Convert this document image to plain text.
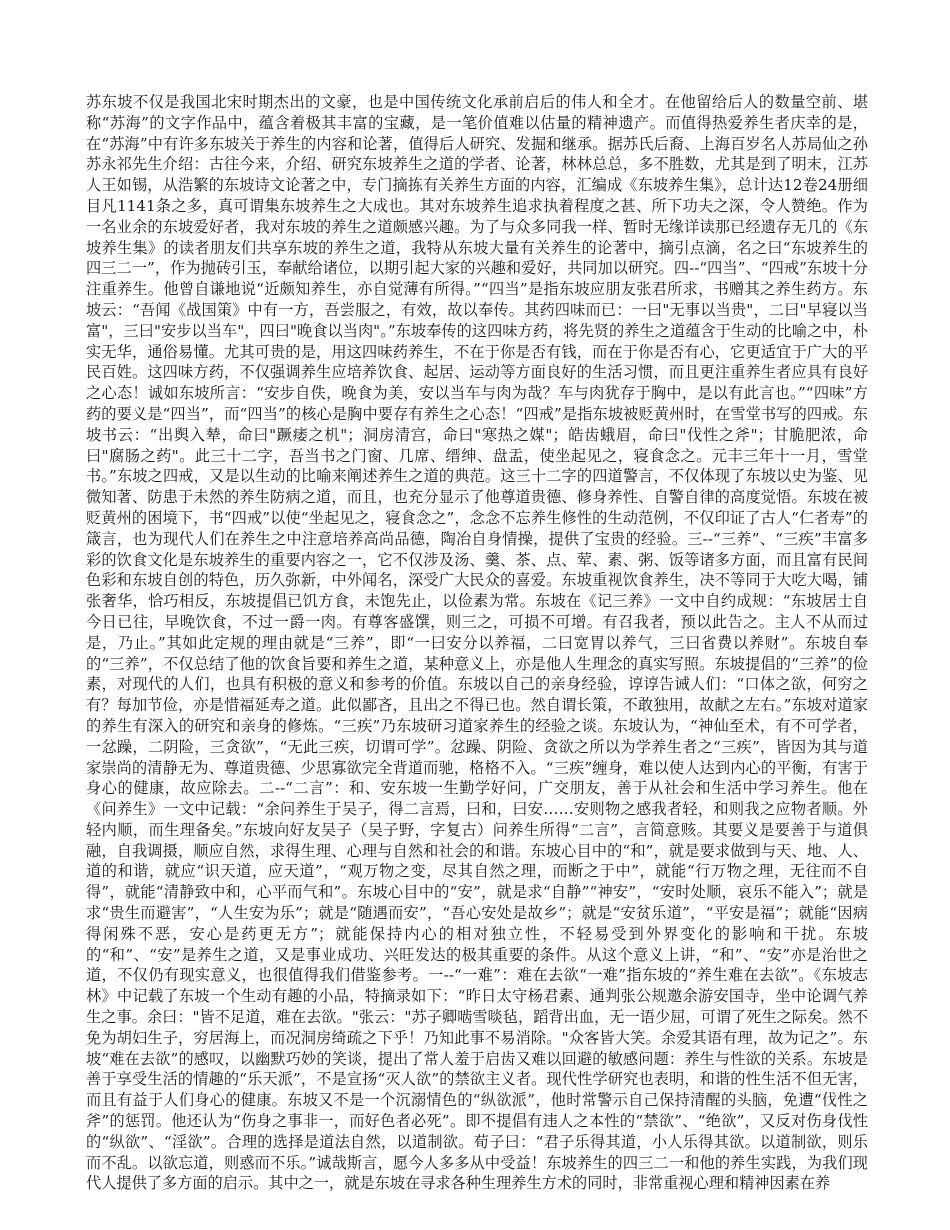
苏东坡不仅是我国北宋时期杰出的文豪，也是中国传统文化承前启后的伟人和全才。在他留给后人的数量空前、堪称“苏海”的文字作品中，蕴含着极其丰富的宝藏，是一笔价值难以估量的精神遗产。而值得热爱养生者庆幸的是，在“苏海”中有许多东坡关于养生的内容和论著，值得后人研究、发掘和继承。据苏氏后裔、上海百岁名人苏局仙之孙苏永祁先生介绍：古往今来，介绍、研究东坡养生之道的学者、论著，林林总总，多不胜数，尤其是到了明末，江苏人王如锡，从浩繁的东坡诗文论著之中，专门摘拣有关养生方面的内容，汇编成《东坡养生集》，总计达12卷24册细目凡1141条之多，真可谓集东坡养生之大成也。其对东坡养生追求执着程度之甚、所下功夫之深，令人赞绝。作为一名业余的东坡爱好者，我对东坡的养生之道颇感兴趣。为了与众多同我一样、暂时无缘详读那已经遗存无几的《东坡养生集》的读者朋友们共享东坡的养生之道，我特从东坡大量有关养生的论著中，摘引点滴，名之曰“东坡养生的四三二一”，作为抛砖引玉，奉献给诸位，以期引起大家的兴趣和爱好，共同加以研究。四--“四当”、“四戒”东坡十分注重养生。他曾自谦地说“近颇知养生，亦自觉薄有所得。”“四当”是指东坡应朋友张君所求，书赠其之养生药方。东坡云：“吾闻《战国策》中有一方，吾尝服之，有效，故以奉传。其药四味而已：一曰"无事以当贵"，二曰"早寝以当富"，三曰"安步以当车"，四曰"晚食以当肉"。”东坡奉传的这四味方药，将先贤的养生之道蕴含于生动的比喻之中，朴实无华，通俗易懂。尤其可贵的是，用这四味药养生，不在于你是否有钱，而在于你是否有心，它更适宜于广大的平民百姓。这四味方药，不仅强调养生应培养饮食、起居、运动等方面良好的生活习惯，而且更注重养生者应具有良好之心态！诚如东坡所言：“安步自佚，晚食为美，安以当车与肉为哉？车与肉犹存于胸中，是以有此言也。”“四味”方药的要义是“四当”，而“四当”的核心是胸中要存有养生之心态！“四戒”是指东坡被贬黄州时，在雪堂书写的四戒。东坡书云：“出舆入辇，命曰"蹶痿之机"；洞房清宫，命曰"寒热之媒"；皓齿蛾眉，命曰"伐性之斧"；甘脆肥浓，命曰"腐肠之药"。此三十二字，吾当书之门窗、几席、缙绅、盘盂，使坐起见之，寝食念之。元丰三年十一月，雪堂书。”东坡之四戒，又是以生动的比喻来阐述养生之道的典范。这三十二字的四道警言，不仅体现了东坡以史为鉴、见微知著、防患于未然的养生防病之道，而且，也充分显示了他尊道贵德、修身养性、自警自律的高度觉悟。东坡在被贬黄州的困境下，书“四戒”以使“坐起见之，寝食念之”，念念不忘养生修性的生动范例，不仅印证了古人“仁者寿”的箴言，也为现代人们在养生之中注意培养高尚品德，陶冶自身情操，提供了宝贵的经验。三--“三养”、“三疾”丰富多彩的饮食文化是东坡养生的重要内容之一，它不仅涉及汤、羹、茶、点、荤、素、粥、饭等诸多方面，而且富有民间色彩和东坡自创的特色，历久弥新，中外闻名，深受广大民众的喜爱。东坡重视饮食养生，决不等同于大吃大喝，铺张奢华，恰巧相反，东坡提倡已饥方食，未饱先止，以俭素为常。东坡在《记三养》一文中自约成规：“东坡居士自今日已往，早晚饮食，不过一爵一肉。有尊客盛馔，则三之，可损不可增。有召我者，预以此告之。主人不从而过是，乃止。”其如此定规的理由就是“三养”，即“一曰安分以养福，二曰宽胃以养气，三曰省费以养财”。东坡自奉的“三养”，不仅总结了他的饮食旨要和养生之道，某种意义上，亦是他人生理念的真实写照。东坡提倡的“三养”的俭素，对现代的人们，也具有积极的意义和参考的价值。东坡以自己的亲身经验，谆谆告诫人们：“口体之欲，何穷之有？每加节俭，亦是惜福延寿之道。此似鄙吝，且出之不得已也。然自谓长策，不敢独用，故献之左右。”东坡对道家的养生有深入的研究和亲身的修炼。“三疾”乃东坡研习道家养生的经验之谈。东坡认为，“神仙至术，有不可学者，一忿躁，二阴险，三贪欲”，“无此三疾，切谓可学”。忿躁、阴险、贪欲之所以为学养生者之“三疾”，皆因为其与道家崇尚的清静无为、尊道贵德、少思寡欲完全背道而驰，格格不入。“三疾”缠身，难以使人达到内心的平衡，有害于身心的健康，故应除去。二--“二言”：和、安东坡一生勤学好问，广交朋友，善于从社会和生活中学习养生。他在《问养生》一文中记载：“余问养生于吴子，得二言焉，曰和，曰安……安则物之感我者轻，和则我之应物者顺。外轻内顺，而生理备矣。”东坡向好友吴子（吴子野，字复古）问养生所得“二言”，言简意赅。其要义是要善于与道俱融，自我调摄，顺应自然，求得生理、心理与自然和社会的和谐。东坡心目中的“和”，就是要求做到与天、地、人、道的和谐，就应“识天道，应天道”，“观万物之变，尽其自然之理，而断之于中”，就能“行万物之理，无往而不自得”，就能“清静致中和，心平而气和”。东坡心目中的“安”，就是求“自静”“神安”，“安时处顺，哀乐不能入”；就是求“贵生而避害”，“人生安为乐”；就是“随遇而安”，“吾心安处是故乡”；就是“安贫乐道”，“平安是福”；就能“因病得闲殊不恶，安心是药更无方”；就能保持内心的相对独立性，不轻易受到外界变化的影响和干扰。东坡的“和”、“安”是养生之道，又是事业成功、兴旺发达的极其重要的条件。从这个意义上讲，“和”、“安”亦是治世之道，不仅仍有现实意义，也很值得我们借鉴参考。一--“一难”：难在去欲“一难”指东坡的“养生难在去欲”。《东坡志林》中记载了东坡一个生动有趣的小品，特摘录如下：“昨日太守杨君素、通判张公规邀余游安国寺，坐中论调气养生之事。余曰："皆不足道，难在去欲。"张云："苏子卿啮雪啖毡，蹈背出血，无一语少屈，可谓了死生之际矣。然不免为胡妇生子，穷居海上，而况洞房绮疏之下乎！乃知此事不易消除。"众客皆大笑。余爱其语有理，故为记之”。东坡“难在去欲”的感叹，以幽默巧妙的笑谈，提出了常人羞于启齿又难以回避的敏感问题：养生与性欲的关系。东坡是善于享受生活的情趣的“乐天派”，不是宣扬“灭人欲”的禁欲主义者。现代性学研究也表明，和谐的性生活不但无害，而且有益于人们身心的健康。东坡又不是一个沉溺情色的“纵欲派”，他时常警示自己保持清醒的头脑，免遭“伐性之斧”的惩罚。他还认为“伤身之事非一，而好色者必死”。即不提倡有违人之本性的“禁欲”、“绝欲”，又反对伤身伐性的“纵欲”、“淫欲”。合理的选择是道法自然，以道制欲。荀子曰：“君子乐得其道，小人乐得其欲。以道制欲，则乐而不乱。以欲忘道，则惑而不乐。”诚哉斯言，愿今人多多从中受益！东坡养生的四三二一和他的养生实践，为我们现代人提供了多方面的启示。其中之一，就是东坡在寻求各种生理养生方术的同时，非常重视心理和精神因素在养
